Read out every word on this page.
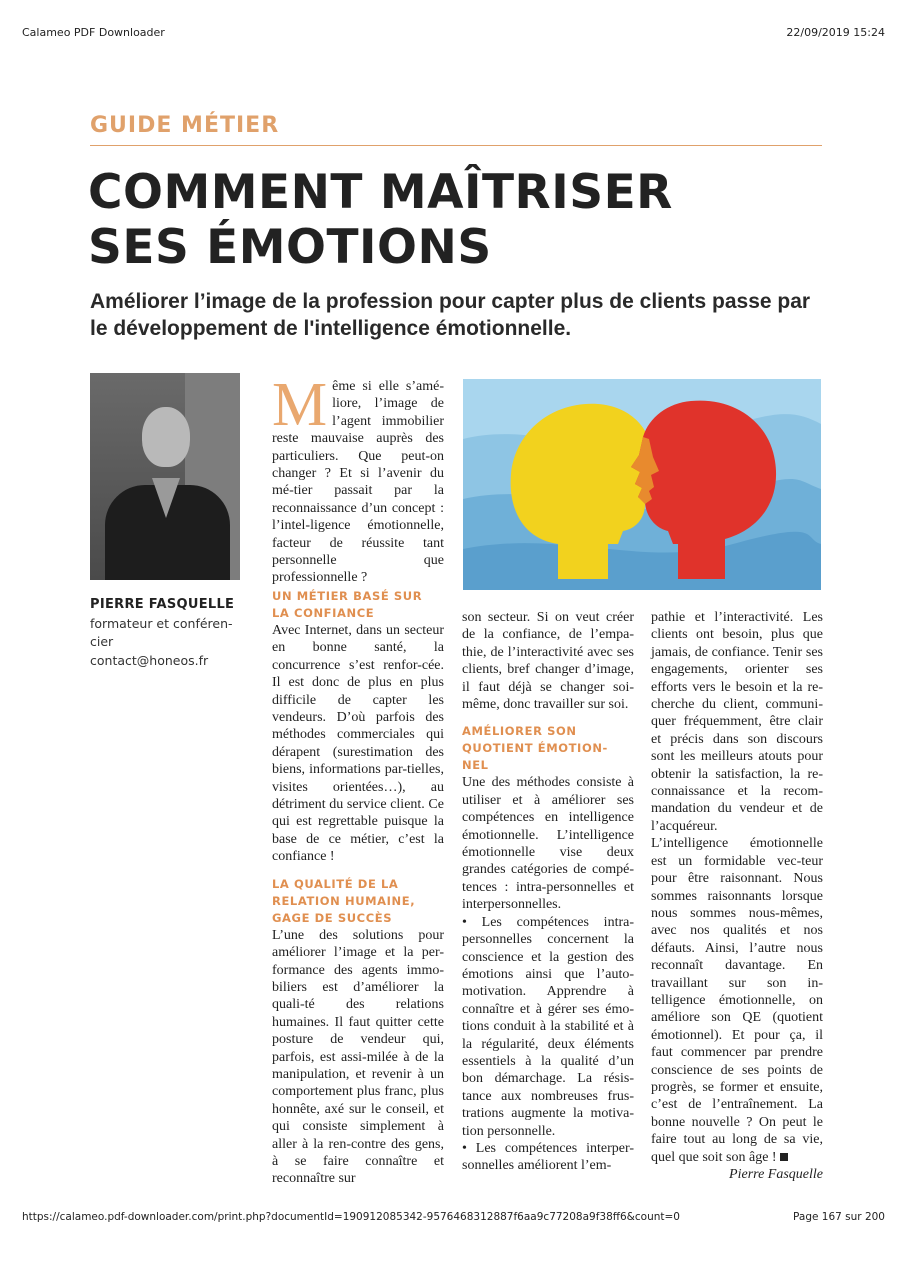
Calameo PDF Downloader	22/09/2019 15:24
GUIDE MÉTIER
COMMENT MAÎTRISER
SES ÉMOTIONS
Améliorer l’image de la profession pour capter plus de clients passe par le développement de l'intelligence émotionnelle.
PIERRE FASQUELLE
formateur et conféren-cier
contact@honeos.fr
M ême si elle s’amé-liore, l’image de l’agent immobilier reste mauvaise auprès des particuliers. Que peut-on changer ? Et si l’avenir du mé-tier passait par la reconnaissance d’un concept : l’intel-ligence émotionnelle, facteur de réussite tant personnelle que professionnelle ?
UN MÉTIER BASÉ SUR LA CONFIANCE

Avec Internet, dans un secteur en bonne santé, la concurrence s’est renfor-cée. Il est donc de plus en plus difficile de capter les vendeurs. D’où parfois des méthodes commerciales qui dérapent (surestimation des biens, informations par-tielles, visites orientées…), au détriment du service client. Ce qui est regrettable puisque la base de ce métier, c’est la confiance !

LA QUALITÉ DE LA RELATION HUMAINE, GAGE DE SUCCÈS

L’une des solutions pour améliorer l’image et la per-formance des agents immo-biliers est d’améliorer la quali-té des relations humaines. Il faut quitter cette posture de vendeur qui, parfois, est assi-milée à de la manipulation, et revenir à un comportement plus franc, plus honnête, axé sur le conseil, et qui consiste simplement à aller à la ren-contre des gens, à se faire connaître et reconnaître sur

son secteur. Si on veut créer de la confiance, de l’empa-thie, de l’interactivité avec ses clients, bref changer d’image, il faut déjà se changer soi-même, donc travailler sur soi.

AMÉLIORER SON QUOTIENT ÉMOTION-NEL

Une des méthodes consiste à utiliser et à améliorer ses compétences en intelligence émotionnelle. L’intelligence émotionnelle vise deux grandes catégories de compé-tences : intra-personnelles et interpersonnelles.

• Les compétences intra-personnelles concernent la conscience et la gestion des émotions ainsi que l’auto-motivation. Apprendre à connaître et à gérer ses émo-tions conduit à la stabilité et à la régularité, deux éléments essentiels à la qualité d’un bon démarchage. La résis-tance aux nombreuses frus-trations augmente la motiva-tion personnelle.

• Les compétences interper-sonnelles améliorent l’em-

pathie et l’interactivité. Les clients ont besoin, plus que jamais, de confiance. Tenir ses engagements, orienter ses efforts vers le besoin et la re-cherche du client, communi-quer fréquemment, être clair et précis dans son discours sont les meilleurs atouts pour obtenir la satisfaction, la re-connaissance et la recom-mandation du vendeur et de l’acquéreur.

L’intelligence émotionnelle est un formidable vec-teur pour être raisonnant. Nous sommes raisonnants lorsque nous sommes nous-mêmes, avec nos qualités et nos défauts. Ainsi, l’autre nous reconnaît davantage. En travaillant sur son in-telligence émotionnelle, on améliore son QE (quotient émotionnel). Et pour ça, il faut commencer par prendre conscience de ses points de progrès, se former et ensuite, c’est de l’entraînement. La bonne nouvelle ? On peut le faire tout au long de sa vie, quel que soit son âge !

Pierre Fasquelle

https://calameo.pdf-downloader.com/print.php?documentId=190912085342-9576468312887f6aa9c77208a9f38ff6&count=0	Page 167 sur 200
